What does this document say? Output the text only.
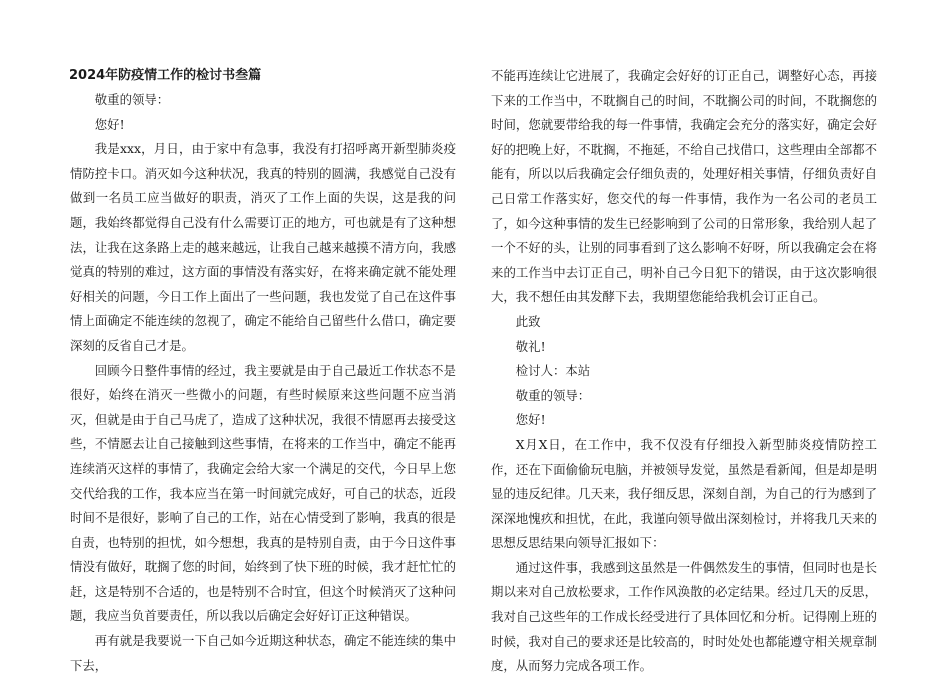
2024年防疫情工作的检讨书叁篇

敬重的领导：

您好!

我是xxx，月日，由于家中有急事，我没有打招呼离开新型肺炎疫情防控卡口。消灭如今这种状况，我真的特别的圆满，我感觉自己没有做到一名员工应当做好的职责，消灭了工作上面的失误，这是我的问题，我始终都觉得自己没有什么需要订正的地方，可也就是有了这种想法，让我在这条路上走的越来越远，让我自己越来越摸不清方向，我感觉真的特别的难过，这方面的事情没有落实好，在将来确定就不能处理好相关的问题，今日工作上面出了一些问题，我也发觉了自己在这件事情上面确定不能连续的忽视了，确定不能给自己留些什么借口，确定要深刻的反省自己才是。

回顾今日整件事情的经过，我主要就是由于自己最近工作状态不是很好，始终在消灭一些微小的问题，有些时候原来这些问题不应当消灭，但就是由于自己马虎了，造成了这种状况，我很不情愿再去接受这些，不情愿去让自己接触到这些事情，在将来的工作当中，确定不能再连续消灭这样的事情了，我确定会给大家一个满足的交代，今日早上您交代给我的工作，我本应当在第一时间就完成好，可自己的状态，近段时间不是很好，影响了自己的工作，站在心情受到了影响，我真的很是自责，也特别的担忧，如今想想，我真的是特别自责，由于今日这件事情没有做好，耽搁了您的时间，始终到了快下班的时候，我才赶忙忙的赶，这是特别不合适的，也是特别不合时宜，但这个时候消灭了这种问题，我应当负首要责任，所以我以后确定会好好订正这种错误。

再有就是我要说一下自己如今近期这种状态，确定不能连续的集中下去，

不能再连续让它进展了，我确定会好好的订正自己，调整好心态，再接下来的工作当中，不耽搁自己的时间，不耽搁公司的时间，不耽搁您的时间，您就要带给我的每一件事情，我确定会充分的落实好，确定会好好的把晚上好，不耽搁，不拖延，不给自己找借口，这些理由全部都不能有，所以以后我确定会仔细负责的，处理好相关事情，仔细负责好自己日常工作落实好，您交代的每一件事情，我作为一名公司的老员工了，如今这种事情的发生已经影响到了公司的日常形象，我给别人起了一个不好的头，让别的同事看到了这么影响不好呀，所以我确定会在将来的工作当中去订正自己，明补自己今日犯下的错误，由于这次影响很大，我不想任由其发酵下去，我期望您能给我机会订正自己。

此致

敬礼!

检讨人：本站

敬重的领导：

您好!

X月X日，在工作中，我不仅没有仔细投入新型肺炎疫情防控工作，还在下面偷偷玩电脑，并被领导发觉，虽然是看新闻，但是却是明显的违反纪律。几天来，我仔细反思，深刻自剖，为自己的行为感到了深深地愧疚和担忧，在此，我谨向领导做出深刻检讨，并将我几天来的思想反思结果向领导汇报如下：

通过这件事，我感到这虽然是一件偶然发生的事情，但同时也是长期以来对自己放松要求，工作作风涣散的必定结果。经过几天的反思，我对自己这些年的工作成长经受进行了具体回忆和分析。记得刚上班的时候，我对自己的要求还是比较高的，时时处处也都能遵守相关规章制度，从而努力完成各项工作。
